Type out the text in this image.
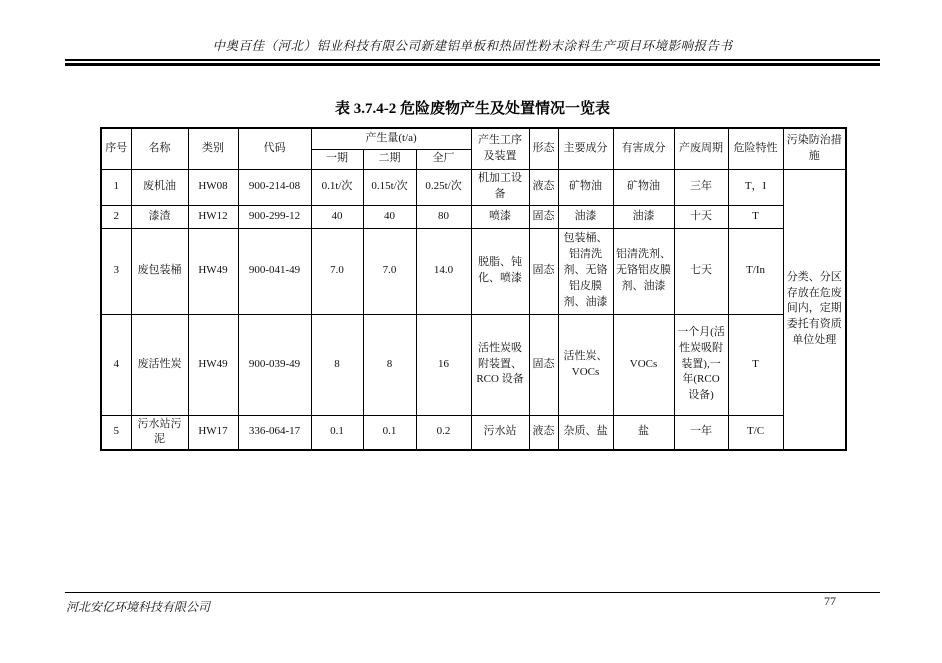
中奥百佳（河北）铝业科技有限公司新建铝单板和热固性粉末涂料生产项目环境影响报告书
表 3.7.4-2 危险废物产生及处置情况一览表
序号	名称	类别	代码	产生量(t/a)			产生工序及装置	形态	主要成分	有害成分	产废周期	危险特性	污染防治措施
				一期	二期	全厂							
1	废机油	HW08	900-214-08	0.1t/次	0.15t/次	0.25t/次	机加工设备	液态	矿物油	矿物油	三年	T，I	分类、分区存放在危废间内，定期委托有资质单位处理
2	漆渣	HW12	900-299-12	40	40	80	喷漆	固态	油漆	油漆	十天	T	
3	废包装桶	HW49	900-041-49	7.0	7.0	14.0	脱脂、钝化、喷漆	固态	包装桶、铝清洗剂、无铬铝皮膜剂、油漆	铝清洗剂、无铬铝皮膜剂、油漆	七天	T/In	
4	废活性炭	HW49	900-039-49	8	8	16	活性炭吸附装置、RCO 设备	固态	活性炭、VOCs	VOCs	一个月(活性炭吸附装置),一年(RCO 设备)	T	
5	污水站污泥	HW17	336-064-17	0.1	0.1	0.2	污水站	液态	杂质、盐	盐	一年	T/C	
河北安亿环境科技有限公司	77
